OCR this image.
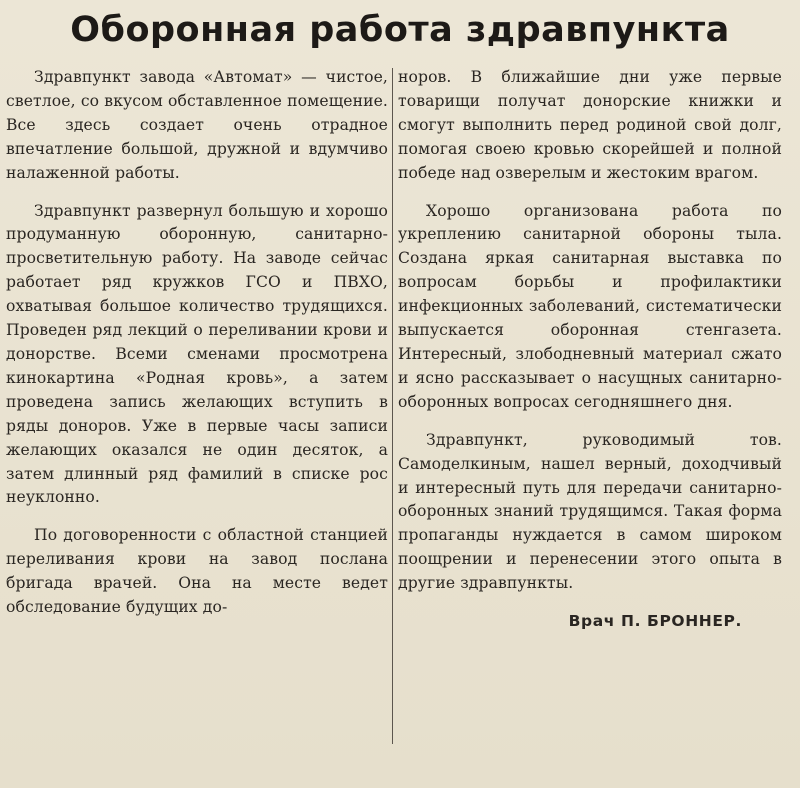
Оборонная работа здравпункта

Здравпункт завода «Автомат» — чистое, светлое, со вкусом обставленное помещение. Все здесь создает очень отрадное впечатление большой, дружной и вдумчиво налаженной работы.

Здравпункт развернул большую и хорошо продуманную оборонную, санитарно-просветительную работу. На заводе сейчас работает ряд кружков ГСО и ПВХО, охватывая большое количество трудящихся. Проведен ряд лекций о переливании крови и донорстве. Всеми сменами просмотрена кинокартина «Родная кровь», а затем проведена запись желающих вступить в ряды доноров. Уже в первые часы записи желающих оказался не один десяток, а затем длинный ряд фамилий в списке рос неуклонно.

По договоренности с областной станцией переливания крови на завод послана бригада врачей. Она на месте ведет обследование будущих до-

норов. В ближайшие дни уже первые товарищи получат донорские книжки и смогут выполнить перед родиной свой долг, помогая своею кровью скорейшей и полной победе над озверелым и жестоким врагом.

Хорошо организована работа по укреплению санитарной обороны тыла. Создана яркая санитарная выставка по вопросам борьбы и профилактики инфекционных заболеваний, систематически выпускается оборонная стенгазета. Интересный, злободневный материал сжато и ясно рассказывает о насущных санитарно-оборонных вопросах сегодняшнего дня.

Здравпункт, руководимый тов. Самоделкиным, нашел верный, доходчивый и интересный путь для передачи санитарно-оборонных знаний трудящимся. Такая форма пропаганды нуждается в самом широком поощрении и перенесении этого опыта в другие здравпункты.

Врач П. БРОННЕР.
